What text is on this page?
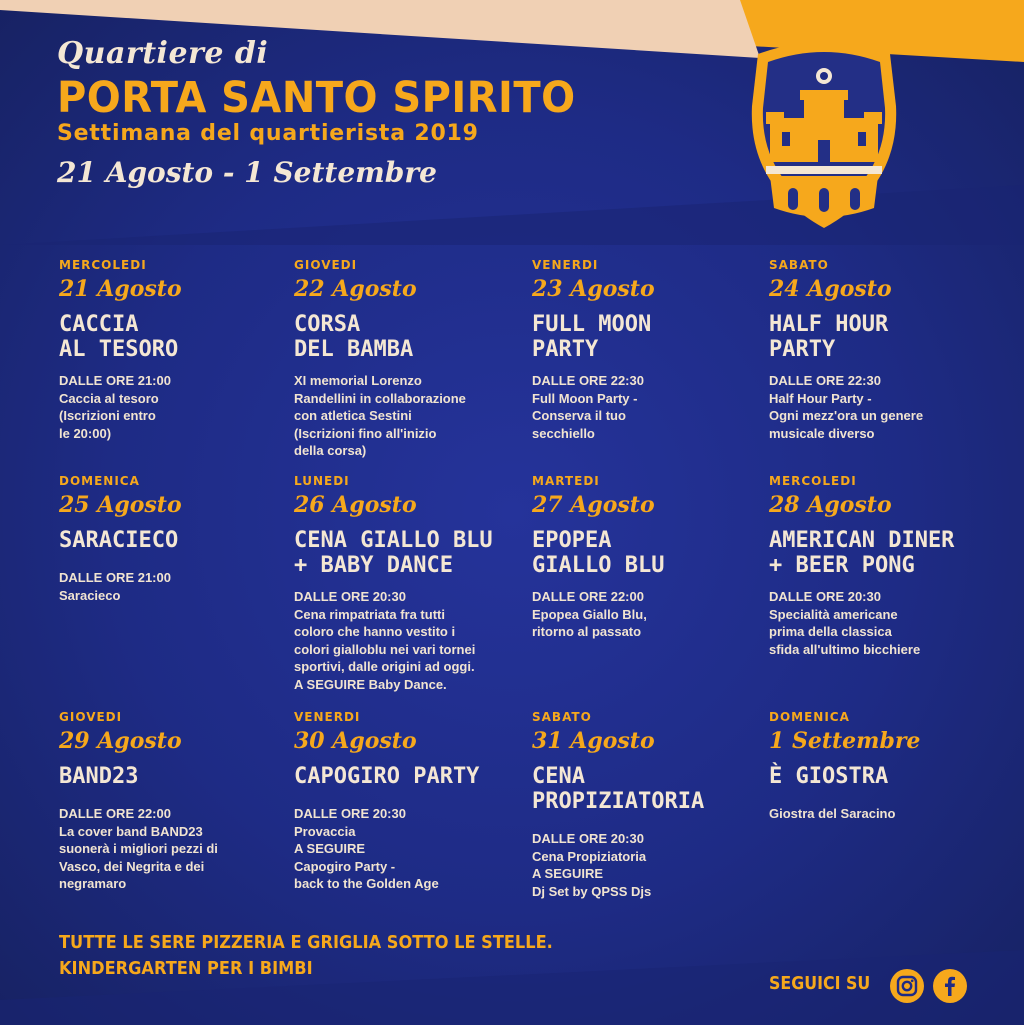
Quartiere di
PORTA SANTO SPIRITO
Settimana del quartierista 2019
21 Agosto - 1 Settembre
MERCOLEDI
21 Agosto
CACCIA
AL TESORO
DALLE ORE 21:00
Caccia al tesoro
(Iscrizioni entro
le 20:00)
GIOVEDI
22 Agosto
CORSA
DEL BAMBA
XI memorial Lorenzo
Randellini in collaborazione
con atletica Sestini
(Iscrizioni fino all'inizio
della corsa)
VENERDI
23 Agosto
FULL MOON
PARTY
DALLE ORE 22:30
Full Moon Party -
Conserva il tuo
secchiello
SABATO
24 Agosto
HALF HOUR
PARTY
DALLE ORE 22:30
Half Hour Party -
Ogni mezz'ora un genere
musicale diverso
DOMENICA
25 Agosto
SARACIECO
DALLE ORE 21:00
Saracieco
LUNEDI
26 Agosto
CENA GIALLO BLU
+ BABY DANCE
DALLE ORE 20:30
Cena rimpatriata fra tutti
coloro che hanno vestito i
colori gialloblu nei vari tornei
sportivi, dalle origini ad oggi.
A SEGUIRE Baby Dance.
MARTEDI
27 Agosto
EPOPEA
GIALLO BLU
DALLE ORE 22:00
Epopea Giallo Blu,
ritorno al passato
MERCOLEDI
28 Agosto
AMERICAN DINER
+ BEER PONG
DALLE ORE 20:30
Specialità americane
prima della classica
sfida all'ultimo bicchiere
GIOVEDI
29 Agosto
BAND23
DALLE ORE 22:00
La cover band BAND23
suonerà i migliori pezzi di
Vasco, dei Negrita e dei
negramaro
VENERDI
30 Agosto
CAPOGIRO PARTY
DALLE ORE 20:30
Provaccia
A SEGUIRE
Capogiro Party -
back to the Golden Age
SABATO
31 Agosto
CENA PROPIZIATORIA
DALLE ORE 20:30
Cena Propiziatoria
A SEGUIRE
Dj Set by QPSS Djs
DOMENICA
1 Settembre
È GIOSTRA
Giostra del Saracino
TUTTE LE SERE PIZZERIA E GRIGLIA SOTTO LE STELLE.
KINDERGARTEN PER I BIMBI
SEGUICI SU
